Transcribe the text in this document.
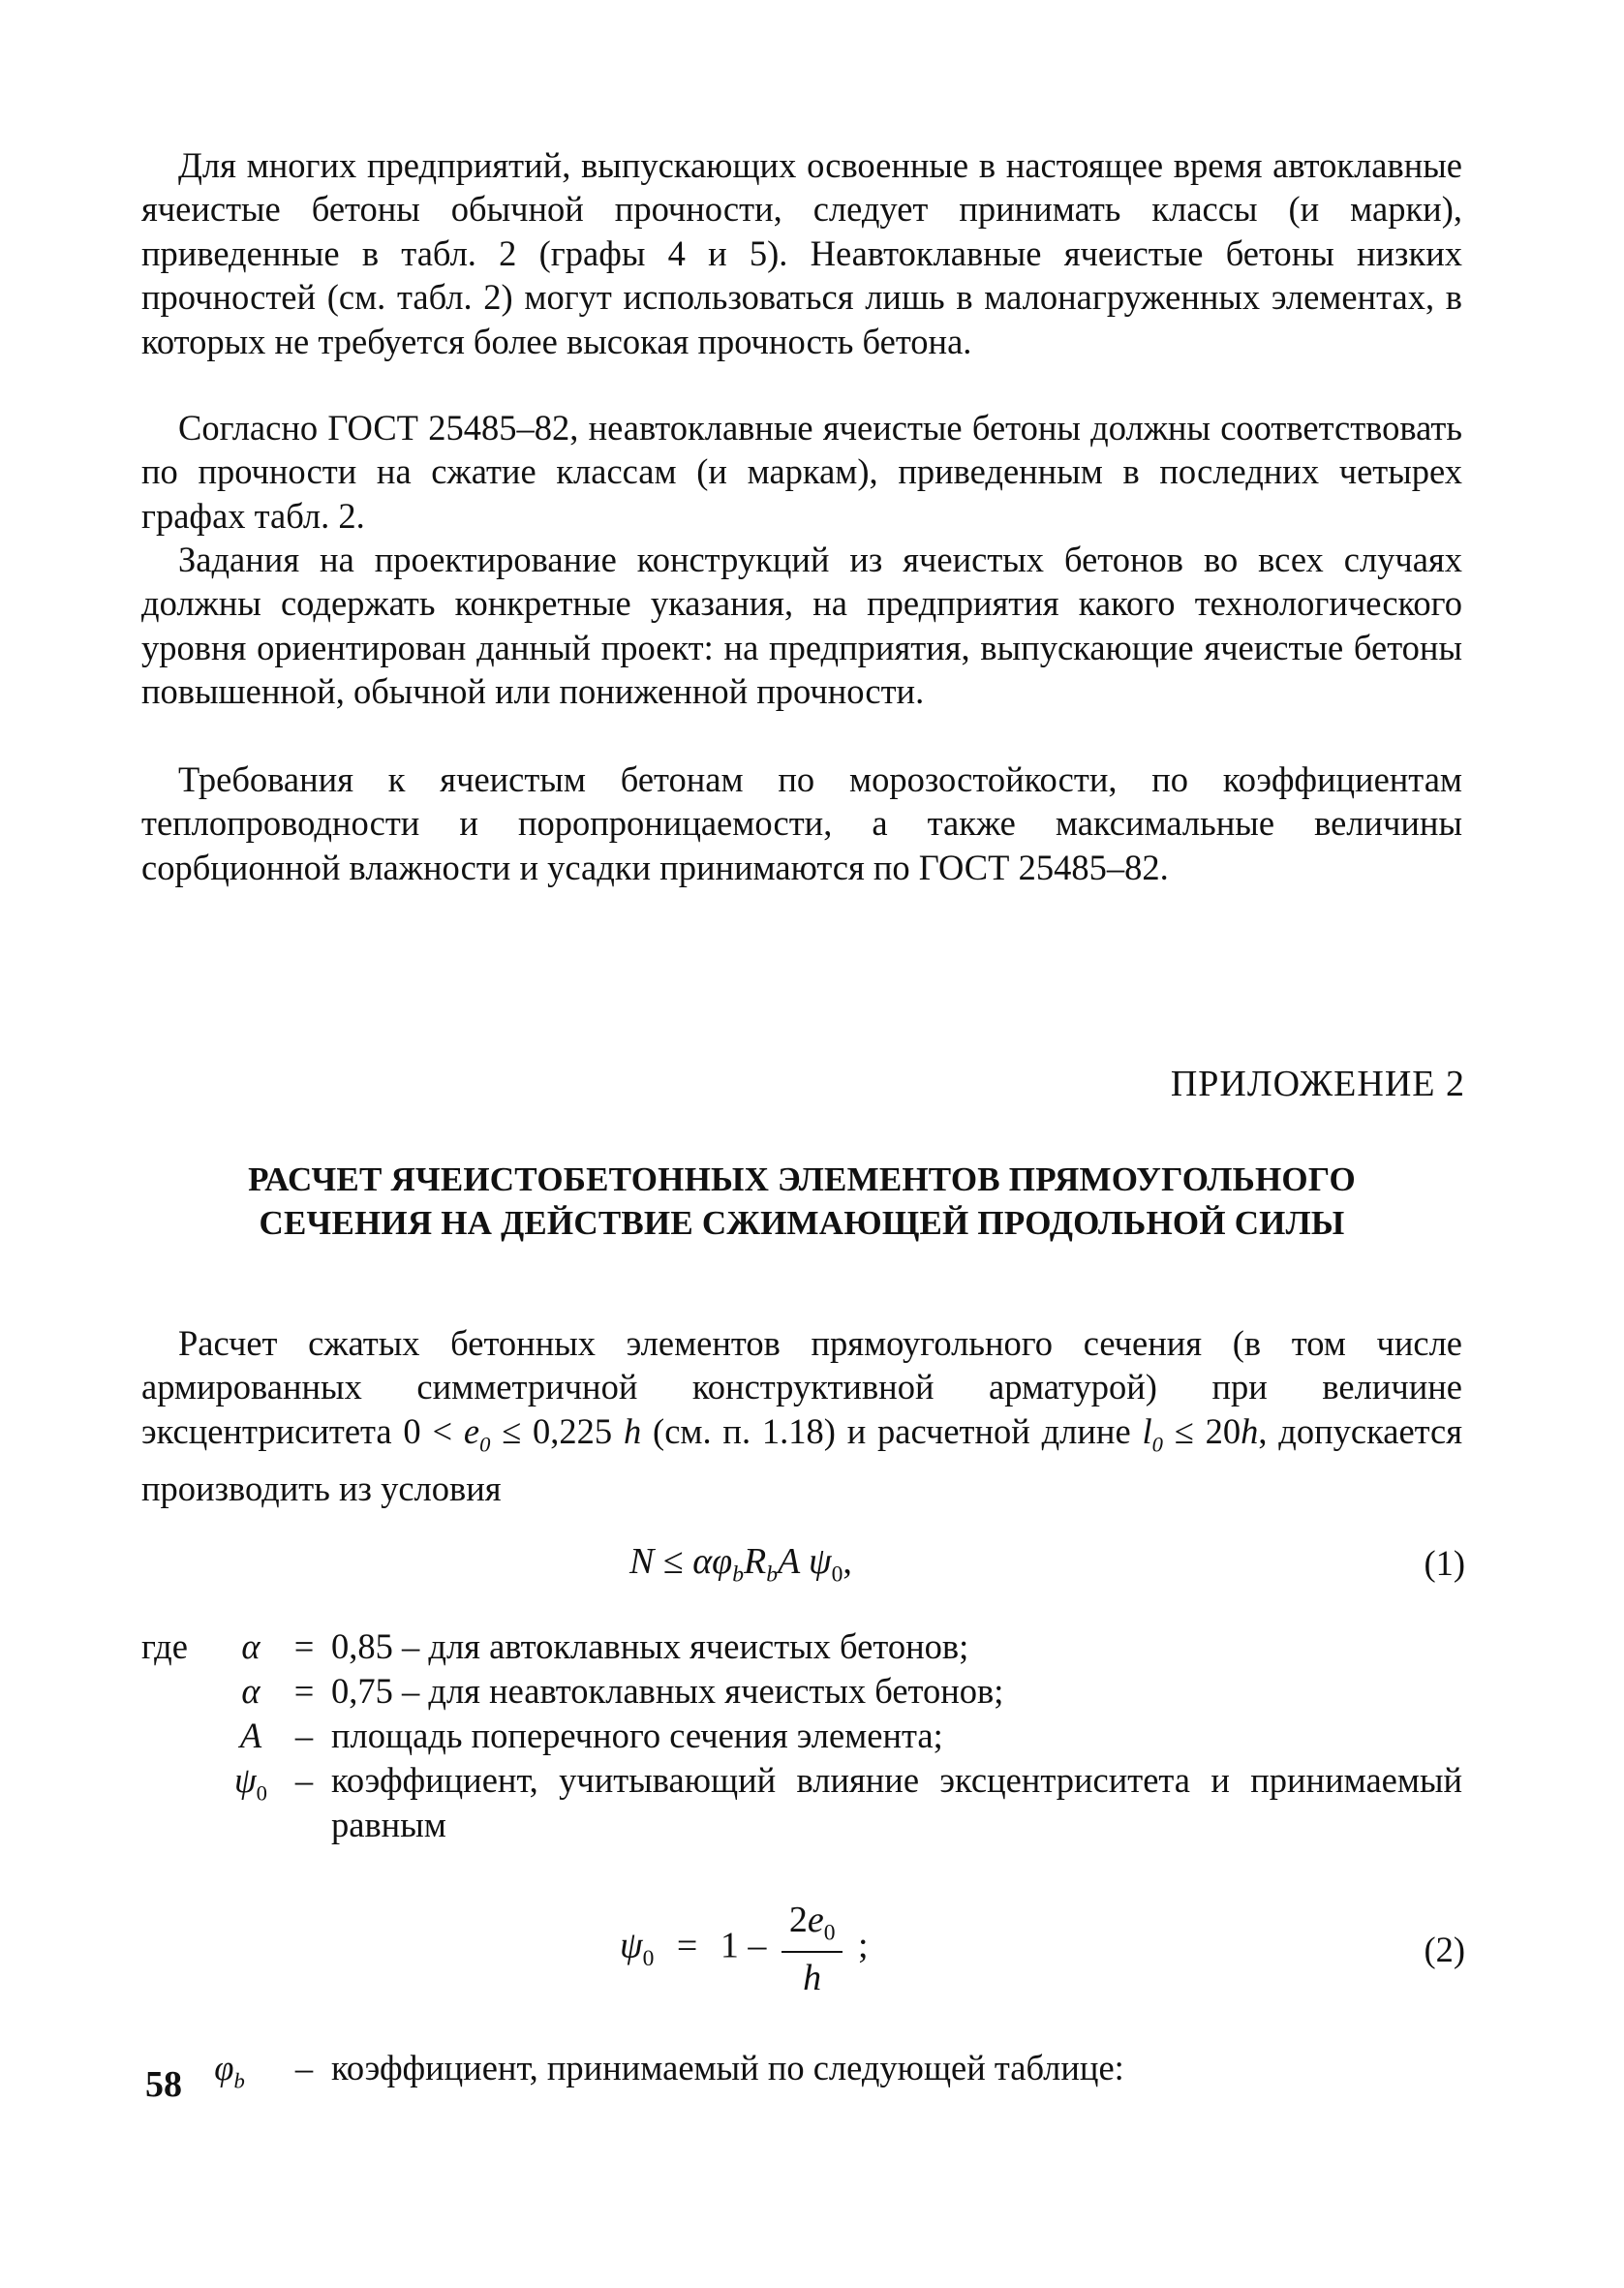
Для многих предприятий, выпускающих освоенные в настоящее время автоклавные ячеистые бетоны обычной прочности, следует принимать классы (и марки), приведенные в табл. 2 (графы 4 и 5). Неавтоклавные ячеистые бетоны низких прочностей (см. табл. 2) могут использоваться лишь в малонагруженных элементах, в которых не требуется более высокая прочность бетона.

Согласно ГОСТ 25485–82, неавтоклавные ячеистые бетоны должны соответствовать по прочности на сжатие классам (и маркам), приведенным в последних четырех графах табл. 2.

Задания на проектирование конструкций из ячеистых бетонов во всех случаях должны содержать конкретные указания, на предприятия какого технологического уровня ориентирован данный проект: на предприятия, выпускающие ячеистые бетоны повышенной, обычной или пониженной прочности.

Требования к ячеистым бетонам по морозостойкости, по коэффициентам теплопроводности и поропроницаемости, а также максимальные величины сорбционной влажности и усадки принимаются по ГОСТ 25485–82.

ПРИЛОЖЕНИЕ 2
РАСЧЕТ ЯЧЕИСТОБЕТОННЫХ ЭЛЕМЕНТОВ ПРЯМОУГОЛЬНОГО
СЕЧЕНИЯ НА ДЕЙСТВИЕ СЖИМАЮЩЕЙ ПРОДОЛЬНОЙ СИЛЫ

Расчет сжатых бетонных элементов прямоугольного сечения (в том числе армированных симметричной конструктивной арматурой) при величине эксцентриситета $0 < e_0 \le 0,225$ h (см. п. 1.18) и расчетной длине $l_0 \le 20h$, допускается производить из условия

$N \le \alpha\varphi_bR_bA$ $\psi_0$,	(1)
где	α = 0,85 – для автоклавных ячеистых бетонов;
α = 0,75 – для неавтоклавных ячеистых бетонов;
A – площадь поперечного сечения элемента;
$\psi_0$ – коэффициент, учитывающий влияние эксцентриситета и принимаемый равным
$\psi_0 = 1 - \frac{2e_0}{h}$ ;	(2)
$\varphi_b$	– коэффициент, принимаемый по следующей таблице:
58
